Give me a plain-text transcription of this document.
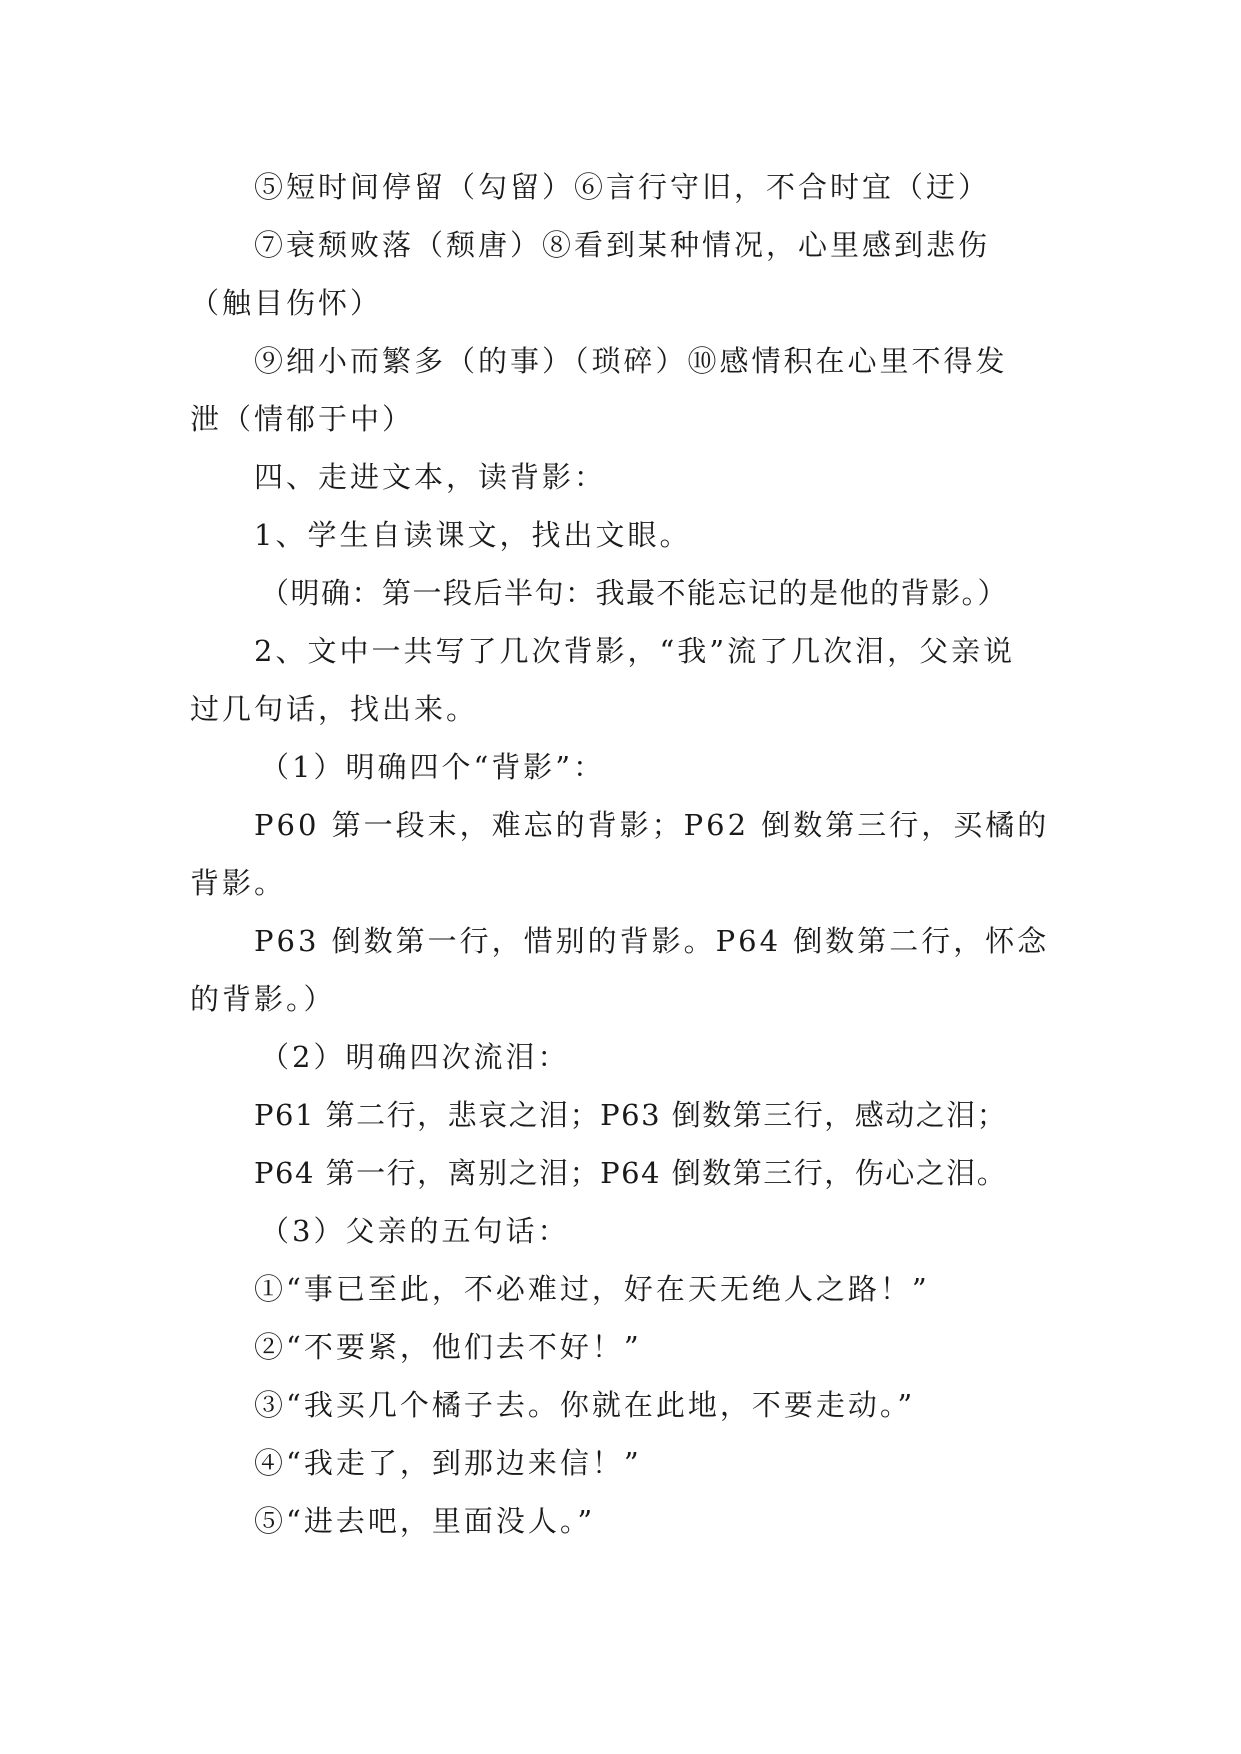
⑤短时间停留（勾留）⑥言行守旧，不合时宜（迂）
⑦衰颓败落（颓唐）⑧看到某种情况，心里感到悲伤
（触目伤怀）
⑨细小而繁多（的事）（琐碎）⑩感情积在心里不得发
泄（情郁于中）
四、走进文本，读背影：
1、学生自读课文，找出文眼。
（明确：第一段后半句：我最不能忘记的是他的背影。）
2、文中一共写了几次背影，“我”流了几次泪，父亲说
过几句话，找出来。
（1）明确四个“背影”：
P60 第一段末，难忘的背影；P62 倒数第三行，买橘的
背影。
P63 倒数第一行，惜别的背影。P64 倒数第二行，怀念
的背影。）
（2）明确四次流泪：
P61 第二行，悲哀之泪；P63 倒数第三行，感动之泪；
P64 第一行，离别之泪；P64 倒数第三行，伤心之泪。
（3）父亲的五句话：
①“事已至此，不必难过，好在天无绝人之路！”
②“不要紧，他们去不好！”
③“我买几个橘子去。你就在此地，不要走动。”
④“我走了，到那边来信！”
⑤“进去吧，里面没人。”
